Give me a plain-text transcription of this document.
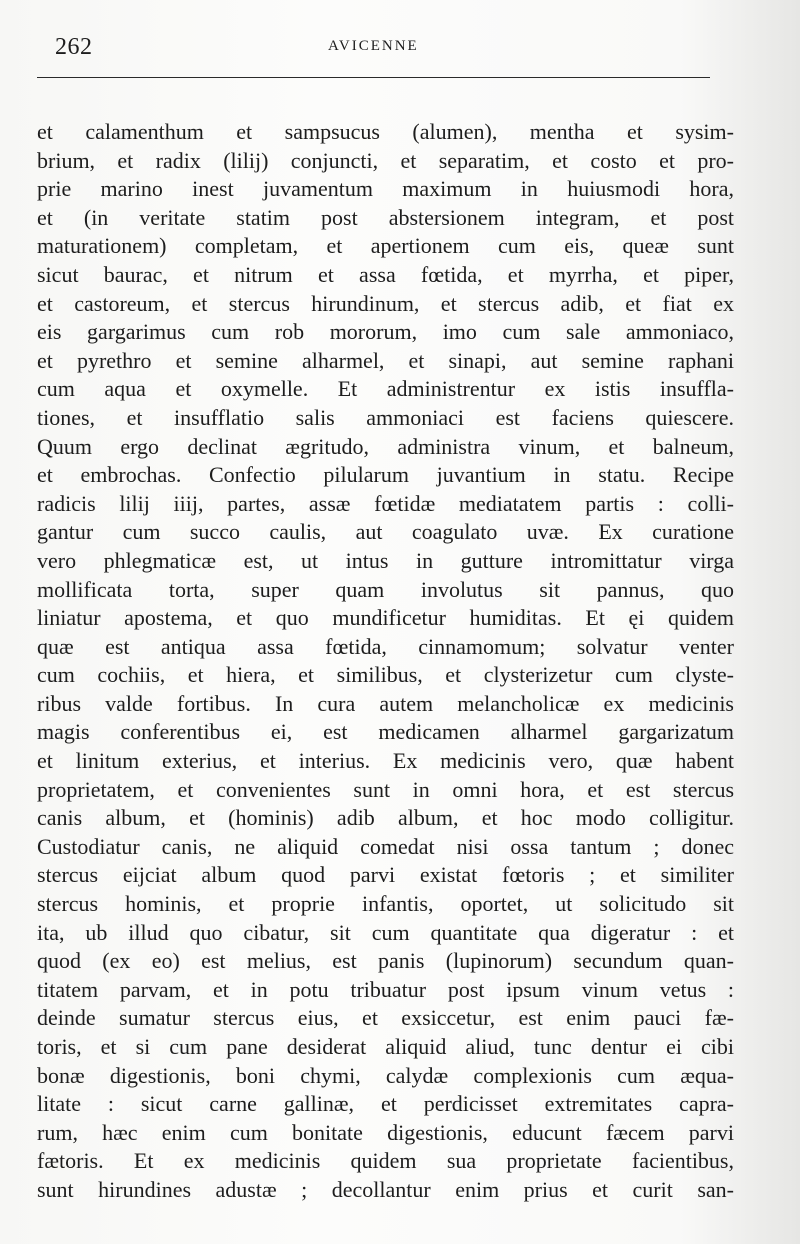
262	AVICENNE
et calamenthum et sampsucus (alumen), mentha et sysim-
brium, et radix (lilij) conjuncti, et separatim, et costo et pro-
prie marino inest juvamentum maximum in huiusmodi hora,
et (in veritate statim post abstersionem integram, et post
maturationem) completam, et apertionem cum eis, queæ sunt
sicut baurac, et nitrum et assa fœtida, et myrrha, et piper,
et castoreum, et stercus hirundinum, et stercus adib, et fiat ex
eis gargarimus cum rob mororum, imo cum sale ammoniaco,
et pyrethro et semine alharmel, et sinapi, aut semine raphani
cum aqua et oxymelle. Et administrentur ex istis insuffla-
tiones, et insufflatio salis ammoniaci est faciens quiescere.
Quum ergo declinat ægritudo, administra vinum, et balneum,
et embrochas. Confectio pilularum juvantium in statu. Recipe
radicis lilij iiij, partes, assæ fœtidæ mediatatem partis : colli-
gantur cum succo caulis, aut coagulato uvæ. Ex curatione
vero phlegmaticæ est, ut intus in gutture intromittatur virga
mollificata torta, super quam involutus sit pannus, quo
liniatur apostema, et quo mundificetur humiditas. Et ęi quidem
quæ est antiqua assa fœtida, cinnamomum; solvatur venter
cum cochiis, et hiera, et similibus, et clysterizetur cum clyste-
ribus valde fortibus. In cura autem melancholicæ ex medicinis
magis conferentibus ei, est medicamen alharmel gargarizatum
et linitum exterius, et interius. Ex medicinis vero, quæ habent
proprietatem, et convenientes sunt in omni hora, et est stercus
canis album, et (hominis) adib album, et hoc modo colligitur.
Custodiatur canis, ne aliquid comedat nisi ossa tantum ; donec
stercus eijciat album quod parvi existat fœtoris ; et similiter
stercus hominis, et proprie infantis, oportet, ut solicitudo sit
ita, ub illud quo cibatur, sit cum quantitate qua digeratur : et
quod (ex eo) est melius, est panis (lupinorum) secundum quan-
titatem parvam, et in potu tribuatur post ipsum vinum vetus :
deinde sumatur stercus eius, et exsiccetur, est enim pauci fæ-
toris, et si cum pane desiderat aliquid aliud, tunc dentur ei cibi
bonæ digestionis, boni chymi, calydæ complexionis cum æqua-
litate : sicut carne gallinæ, et perdicisset extremitates capra-
rum, hæc enim cum bonitate digestionis, educunt fæcem parvi
fætoris. Et ex medicinis quidem sua proprietate facientibus,
sunt hirundines adustæ ; decollantur enim prius et curit san-
